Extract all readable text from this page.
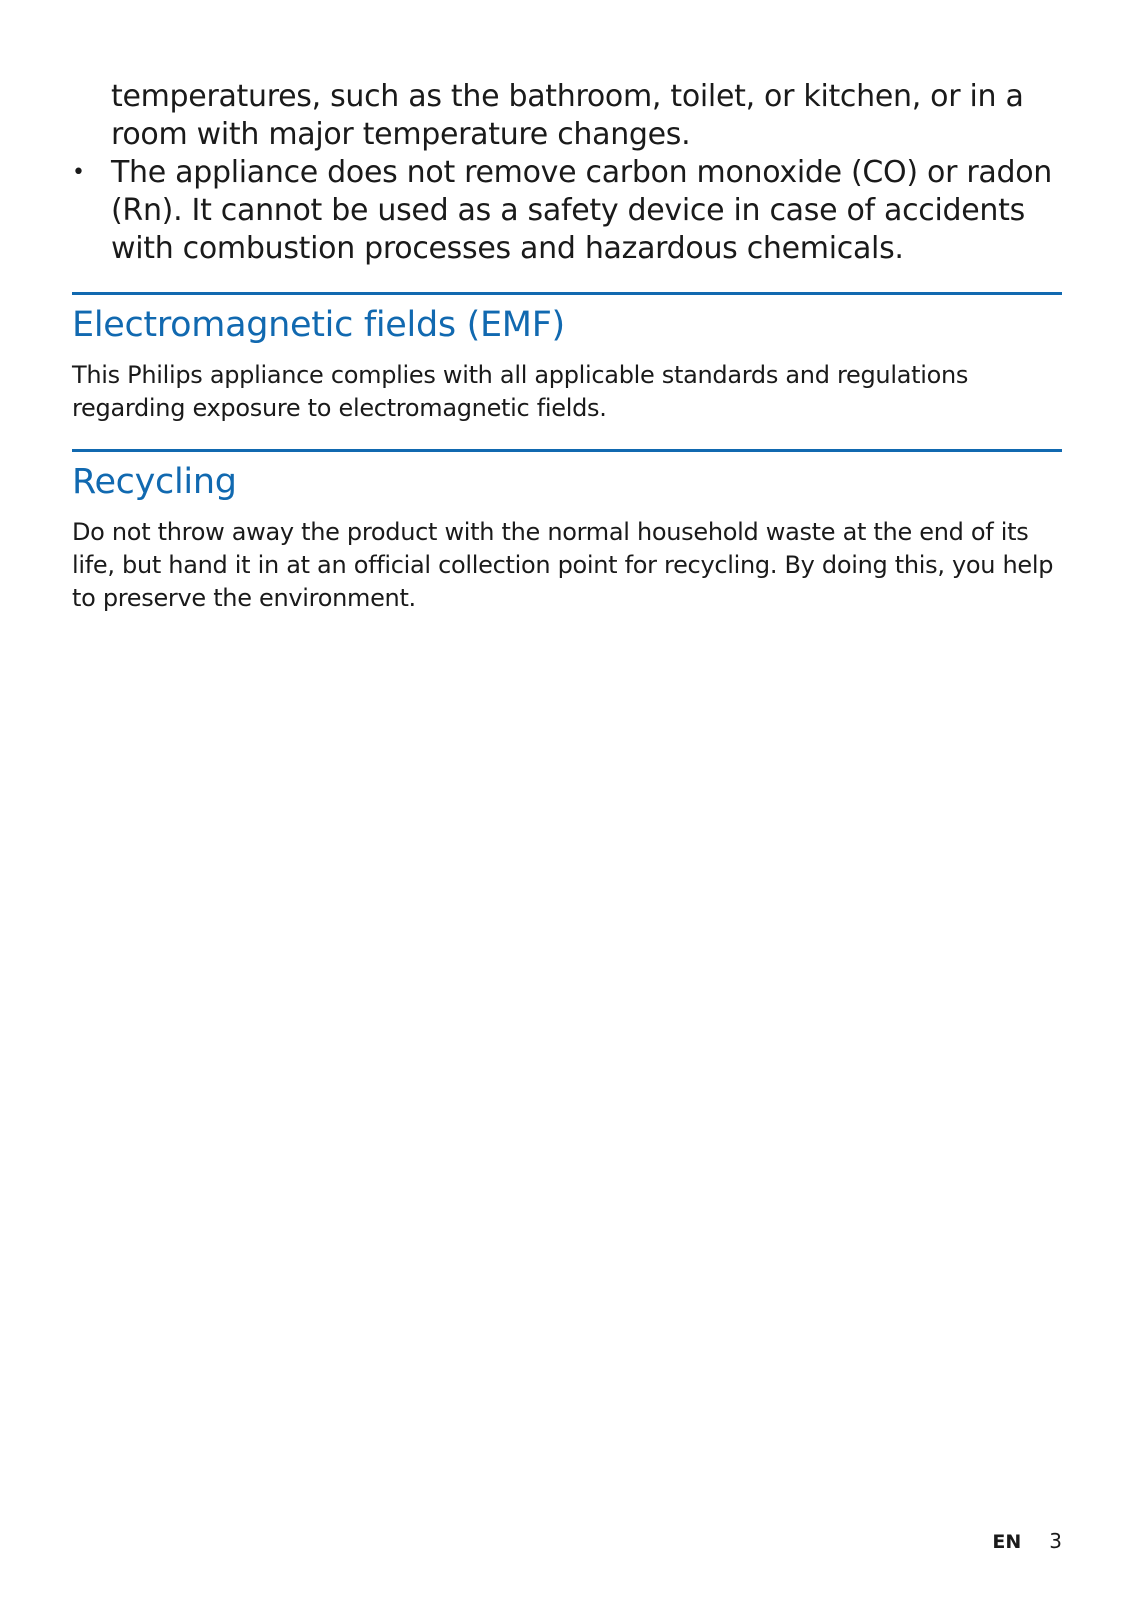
temperatures, such as the bathroom, toilet, or kitchen, or in a room with major temperature changes.

• The appliance does not remove carbon monoxide (CO) or radon (Rn). It cannot be used as a safety device in case of accidents with combustion processes and hazardous chemicals.
Electromagnetic fields (EMF)

This Philips appliance complies with all applicable standards and regulations regarding exposure to electromagnetic fields.

Recycling

Do not throw away the product with the normal household waste at the end of its life, but hand it in at an official collection point for recycling. By doing this, you help to preserve the environment.

EN 3
